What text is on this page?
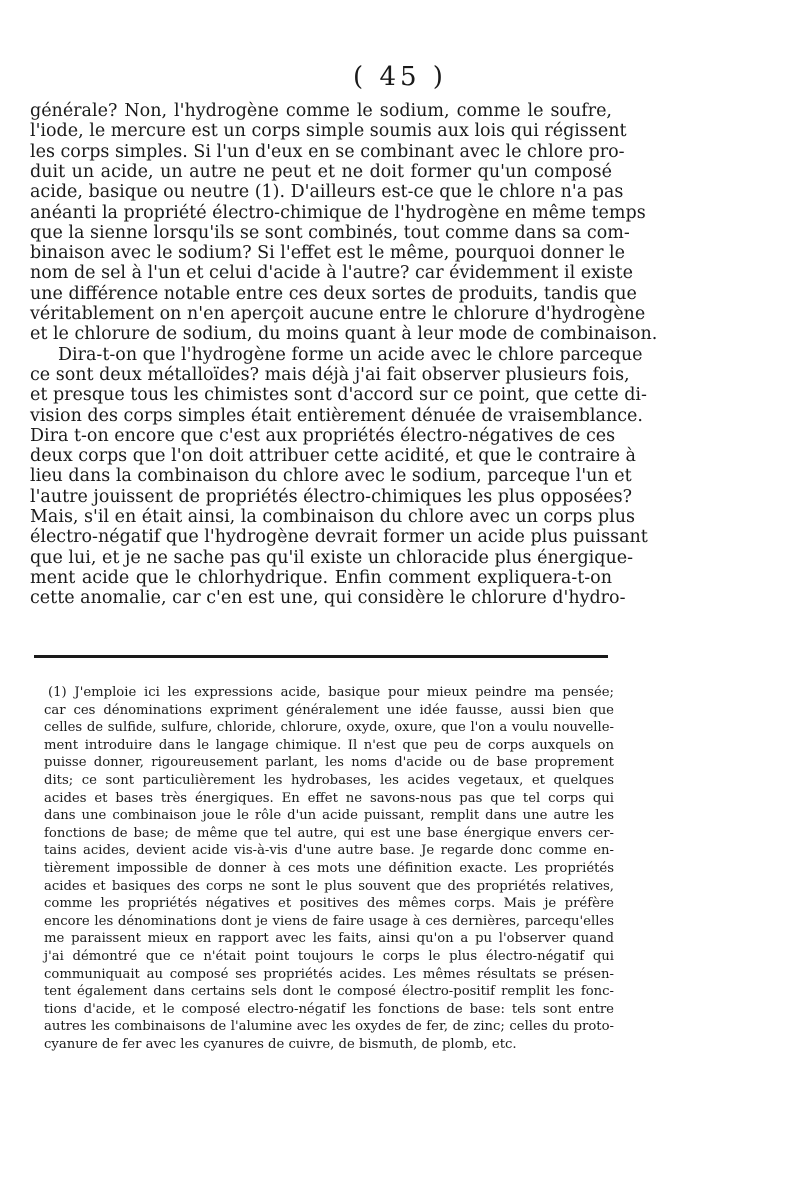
( 45 )
générale? Non, l'hydrogène comme le sodium, comme le soufre,
l'iode, le mercure est un corps simple soumis aux lois qui régissent
les corps simples. Si l'un d'eux en se combinant avec le chlore pro-
duit un acide, un autre ne peut et ne doit former qu'un composé
acide, basique ou neutre (1). D'ailleurs est-ce que le chlore n'a pas
anéanti la propriété électro-chimique de l'hydrogène en même temps
que la sienne lorsqu'ils se sont combinés, tout comme dans sa com-
binaison avec le sodium? Si l'effet est le même, pourquoi donner le
nom de sel à l'un et celui d'acide à l'autre? car évidemment il existe
une différence notable entre ces deux sortes de produits, tandis que
véritablement on n'en aperçoit aucune entre le chlorure d'hydrogène
et le chlorure de sodium, du moins quant à leur mode de combinaison.
Dira-t-on que l'hydrogène forme un acide avec le chlore parceque
ce sont deux métalloïdes? mais déjà j'ai fait observer plusieurs fois,
et presque tous les chimistes sont d'accord sur ce point, que cette di-
vision des corps simples était entièrement dénuée de vraisemblance.
Dira t-on encore que c'est aux propriétés électro-négatives de ces
deux corps que l'on doit attribuer cette acidité, et que le contraire à
lieu dans la combinaison du chlore avec le sodium, parceque l'un et
l'autre jouissent de propriétés électro-chimiques les plus opposées?
Mais, s'il en était ainsi, la combinaison du chlore avec un corps plus
électro-négatif que l'hydrogène devrait former un acide plus puissant
que lui, et je ne sache pas qu'il existe un chloracide plus énergique-
ment acide que le chlorhydrique. Enfin comment expliquera-t-on
cette anomalie, car c'en est une, qui considère le chlorure d'hydro-
(1) J'emploie ici les expressions acide, basique pour mieux peindre ma pensée;
car ces dénominations expriment généralement une idée fausse, aussi bien que
celles de sulfide, sulfure, chloride, chlorure, oxyde, oxure, que l'on a voulu nouvelle-
ment introduire dans le langage chimique. Il n'est que peu de corps auxquels on
puisse donner, rigoureusement parlant, les noms d'acide ou de base proprement
dits; ce sont particulièrement les hydrobases, les acides vegetaux, et quelques
acides et bases très énergiques. En effet ne savons-nous pas que tel corps qui
dans une combinaison joue le rôle d'un acide puissant, remplit dans une autre les
fonctions de base; de même que tel autre, qui est une base énergique envers cer-
tains acides, devient acide vis-à-vis d'une autre base. Je regarde donc comme en-
tièrement impossible de donner à ces mots une définition exacte. Les propriétés
acides et basiques des corps ne sont le plus souvent que des propriétés relatives,
comme les propriétés négatives et positives des mêmes corps. Mais je préfère
encore les dénominations dont je viens de faire usage à ces dernières, parcequ'elles
me paraissent mieux en rapport avec les faits, ainsi qu'on a pu l'observer quand
j'ai démontré que ce n'était point toujours le corps le plus électro-négatif qui
communiquait au composé ses propriétés acides. Les mêmes résultats se présen-
tent également dans certains sels dont le composé électro-positif remplit les fonc-
tions d'acide, et le composé electro-négatif les fonctions de base: tels sont entre
autres les combinaisons de l'alumine avec les oxydes de fer, de zinc; celles du proto-
cyanure de fer avec les cyanures de cuivre, de bismuth, de plomb, etc.
